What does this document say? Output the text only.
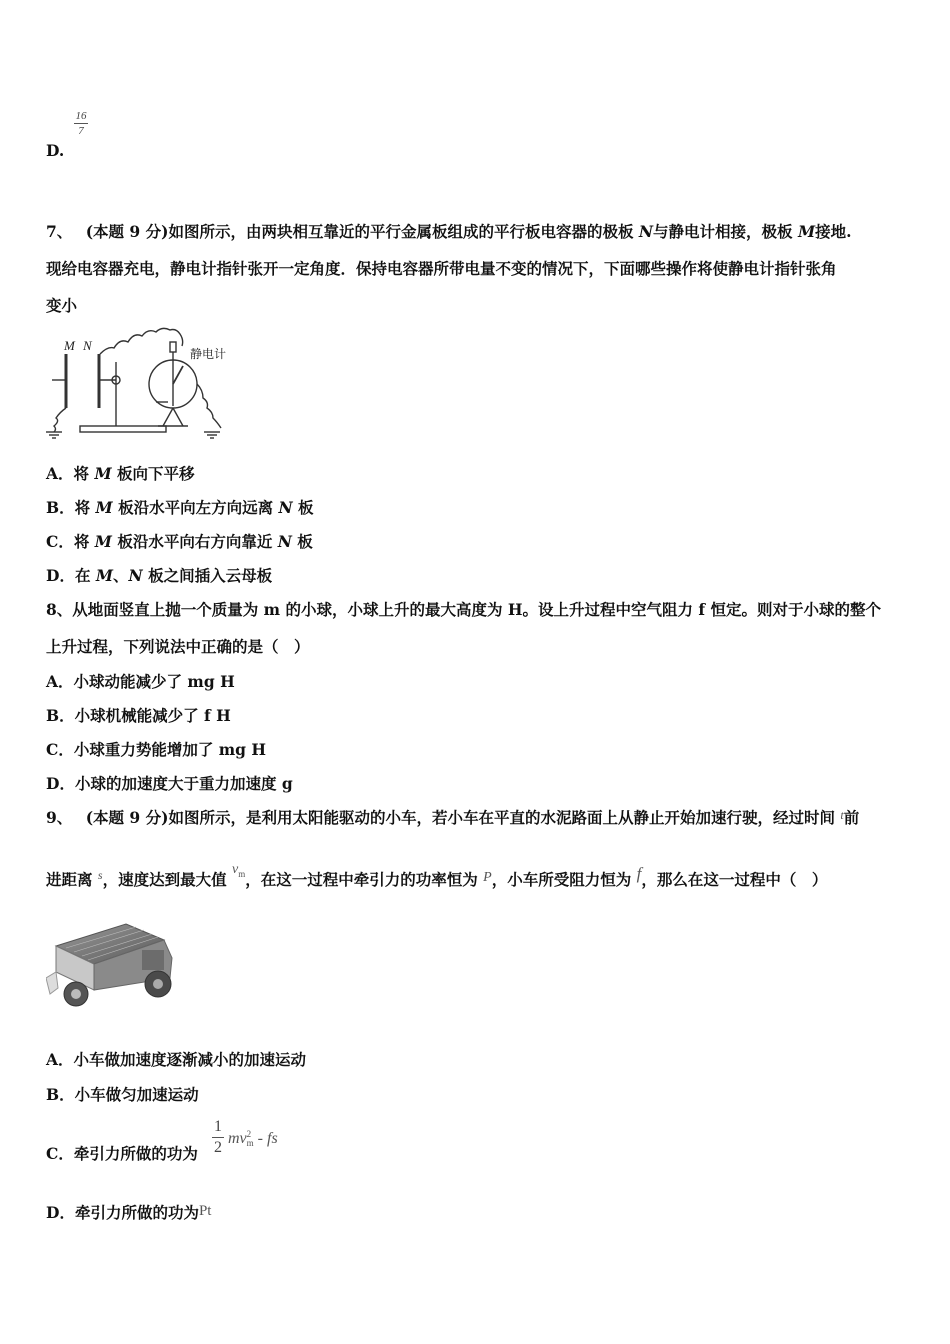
16
7
D.
7、 (本题 9 分)如图所示，由两块相互靠近的平行金属板组成的平行板电容器的极板 N与静电计相接，极板 M接地.
现给电容器充电，静电计指针张开一定角度．保持电容器所带电量不变的情况下，下面哪些操作将使静电计指针张角
变小
M N
静电计
A．将 M 板向下平移
B．将 M 板沿水平向左方向远离 N 板
C．将 M 板沿水平向右方向靠近 N 板
D．在 M、N 板之间插入云母板
8、从地面竖直上抛一个质量为 m 的小球，小球上升的最大高度为 H。设上升过程中空气阻力 f 恒定。则对于小球的整个
上升过程，下列说法中正确的是（　）
A．小球动能减少了 mg H
B．小球机械能减少了 f H
C．小球重力势能增加了 mg H
D．小球的加速度大于重力加速度 g
9、 (本题 9 分)如图所示，是利用太阳能驱动的小车，若小车在平直的水泥路面上从静止开始加速行驶，经过时间 $^t$前
进距离 $^s$，速度达到最大值 $v_m$，在这一过程中牵引力的功率恒为 P，小车所受阻力恒为 f，那么在这一过程中（　）
A．小车做加速度逐渐减小的加速运动
B．小车做匀加速运动
C．牵引力所做的功为
1
2
mv 2
m - fs
D．牵引力所做的功为Pt
